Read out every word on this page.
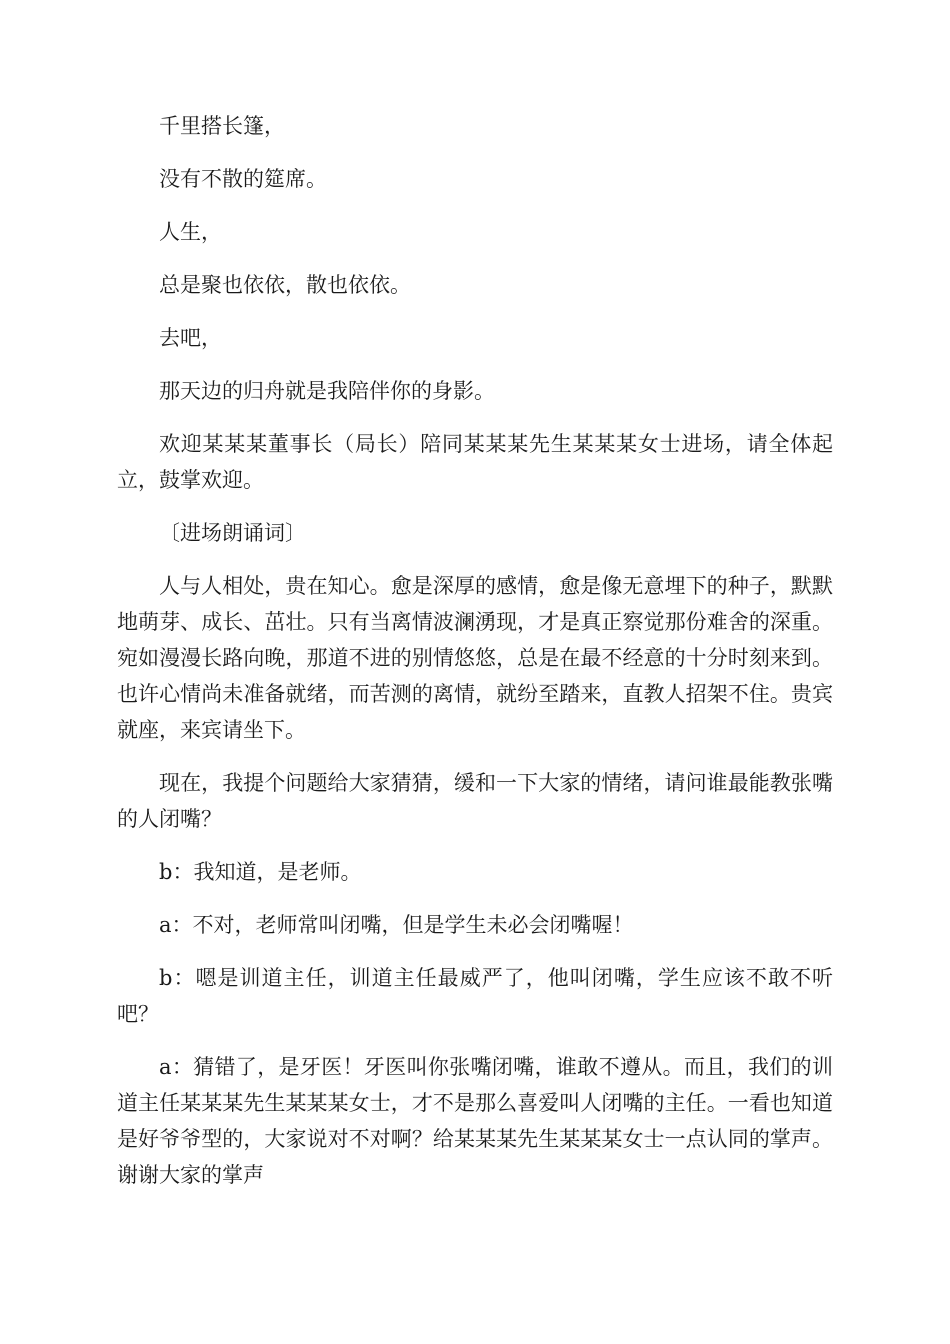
千里搭长篷，

没有不散的筵席。

人生，

总是聚也依依，散也依依。

去吧，

那天边的归舟就是我陪伴你的身影。

欢迎某某某董事长（局长）陪同某某某先生某某某女士进场，请全体起立，鼓掌欢迎。

〔进场朗诵词〕

人与人相处，贵在知心。愈是深厚的感情，愈是像无意埋下的种子，默默地萌芽、成长、茁壮。只有当离情波澜湧现，才是真正察觉那份难舍的深重。宛如漫漫长路向晚，那道不进的别情悠悠，总是在最不经意的十分时刻来到。也许心情尚未准备就绪，而苦测的离情，就纷至踏来，直教人招架不住。贵宾就座，来宾请坐下。

现在，我提个问题给大家猜猜，缓和一下大家的情绪，请问谁最能教张嘴的人闭嘴？

b：我知道，是老师。

a：不对，老师常叫闭嘴，但是学生未必会闭嘴喔！

b：嗯是训道主任，训道主任最威严了，他叫闭嘴，学生应该不敢不听吧？

a：猜错了，是牙医！牙医叫你张嘴闭嘴，谁敢不遵从。而且，我们的训道主任某某某先生某某某女士，才不是那么喜爱叫人闭嘴的主任。一看也知道是好爷爷型的，大家说对不对啊？给某某某先生某某某女士一点认同的掌声。谢谢大家的掌声
